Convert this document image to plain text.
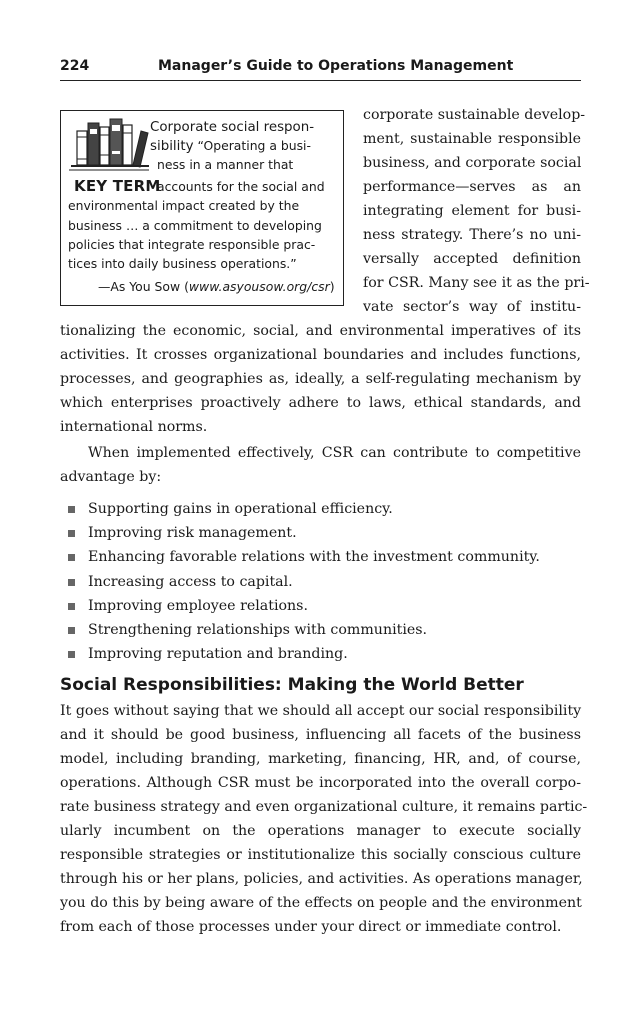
224	Manager’s Guide to Operations Management
KEY TERM
Corporate social respon-
sibility “Operating a busi-
ness in a manner that
accounts for the social and
environmental impact created by the
business … a commitment to developing
policies that integrate responsible prac-
tices into daily business operations.”
—As You Sow (www.asyousow.org/csr)
corporate sustainable develop-
ment, sustainable responsible
business, and corporate social
performance—serves as an
integrating element for busi-
ness strategy. There’s no uni-
versally accepted definition
for CSR. Many see it as the pri-
vate sector’s way of institu-
tionalizing the economic, social, and environmental imperatives of its
activities. It crosses organizational boundaries and includes functions,
processes, and geographies as, ideally, a self-regulating mechanism by
which enterprises proactively adhere to laws, ethical standards, and
international norms.
When implemented effectively, CSR can contribute to competitive
advantage by:
Supporting gains in operational efficiency.
Improving risk management.
Enhancing favorable relations with the investment community.
Increasing access to capital.
Improving employee relations.
Strengthening relationships with communities.
Improving reputation and branding.
Social Responsibilities: Making the World Better
It goes without saying that we should all accept our social responsibility
and it should be good business, influencing all facets of the business
model, including branding, marketing, financing, HR, and, of course,
operations. Although CSR must be incorporated into the overall corpo-
rate business strategy and even organizational culture, it remains partic-
ularly incumbent on the operations manager to execute socially
responsible strategies or institutionalize this socially conscious culture
through his or her plans, policies, and activities. As operations manager,
you do this by being aware of the effects on people and the environment
from each of those processes under your direct or immediate control.
